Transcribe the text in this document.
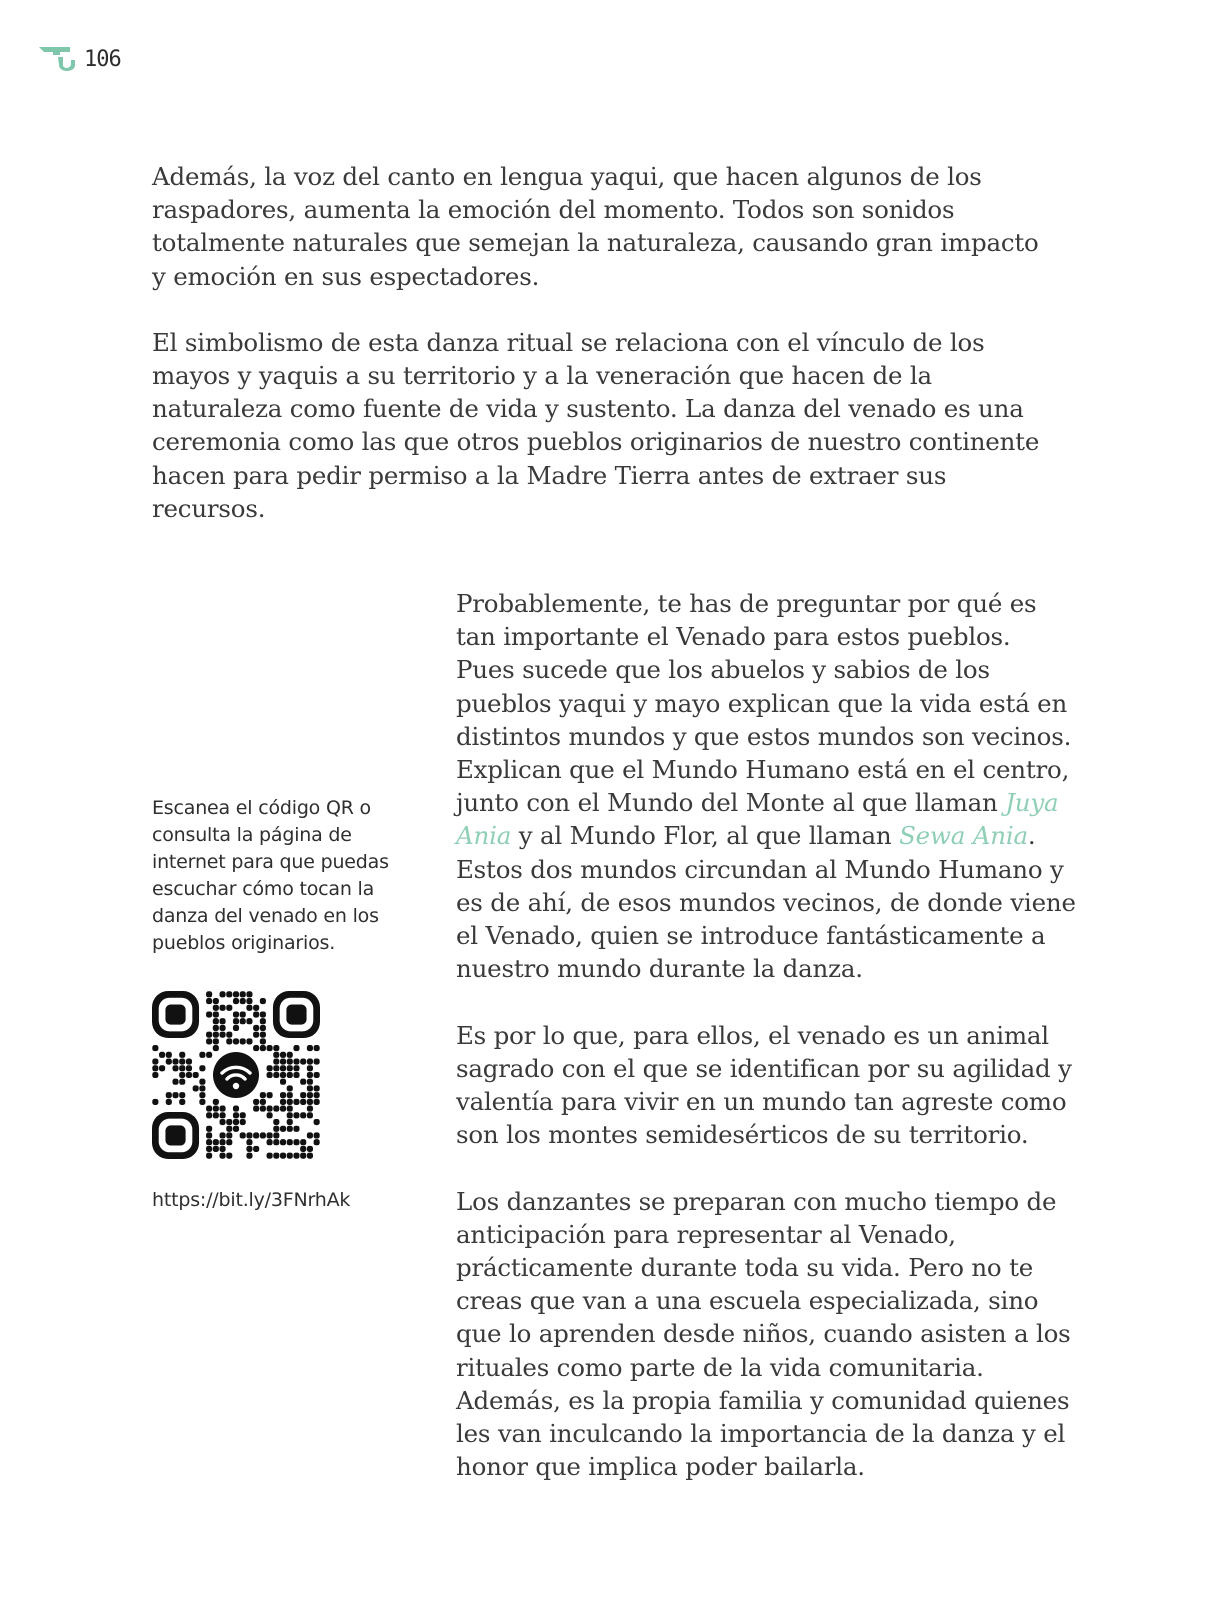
106

Además, la voz del canto en lengua yaqui, que hacen algunos de los raspadores, aumenta la emoción del momento. Todos son sonidos totalmente naturales que semejan la naturaleza, causando gran impacto y emoción en sus espectadores.

El simbolismo de esta danza ritual se relaciona con el vínculo de los mayos y yaquis a su territorio y a la veneración que hacen de la naturaleza como fuente de vida y sustento. La danza del venado es una ceremonia como las que otros pueblos originarios de nuestro continente hacen para pedir permiso a la Madre Tierra antes de extraer sus recursos.

Probablemente, te has de preguntar por qué es tan importante el Venado para estos pueblos. Pues sucede que los abuelos y sabios de los pueblos yaqui y mayo explican que la vida está en distintos mundos y que estos mundos son vecinos. Explican que el Mundo Humano está en el centro, junto con el Mundo del Monte al que llaman Juya Ania y al Mundo Flor, al que llaman Sewa Ania. Estos dos mundos circundan al Mundo Humano y es de ahí, de esos mundos vecinos, de donde viene el Venado, quien se introduce fantásticamente a nuestro mundo durante la danza.

Es por lo que, para ellos, el venado es un animal sagrado con el que se identifican por su agilidad y valentía para vivir en un mundo tan agreste como son los montes semidesérticos de su territorio.

Los danzantes se preparan con mucho tiempo de anticipación para representar al Venado, prácticamente durante toda su vida. Pero no te creas que van a una escuela especializada, sino que lo aprenden desde niños, cuando asisten a los rituales como parte de la vida comunitaria. Además, es la propia familia y comunidad quienes les van inculcando la importancia de la danza y el honor que implica poder bailarla.

Escanea el código QR o consulta la página de internet para que puedas escuchar cómo tocan la danza del venado en los pueblos originarios.

https://bit.ly/3FNrhAk
